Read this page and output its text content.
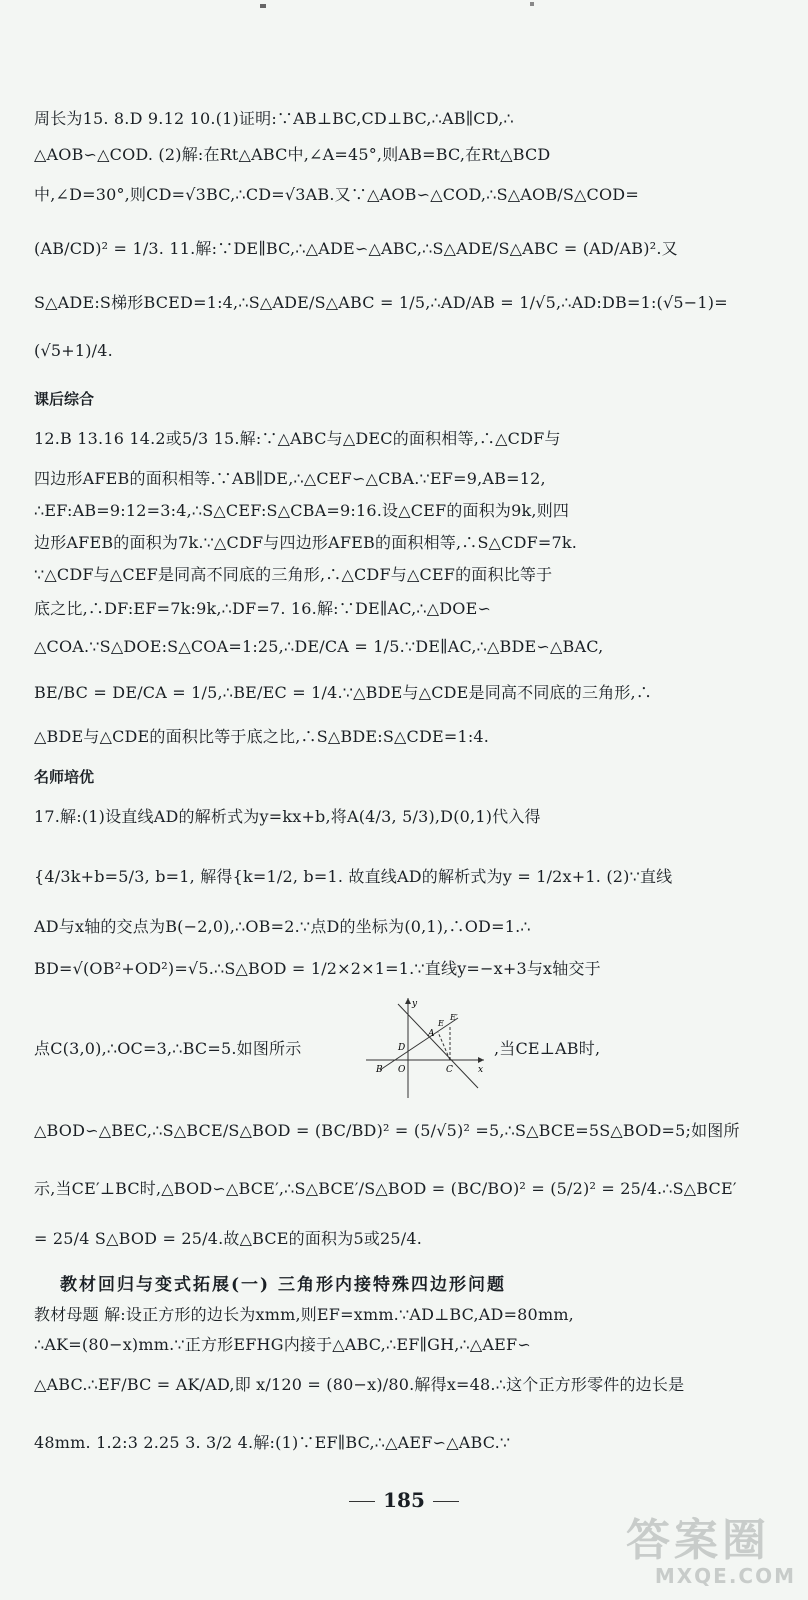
周长为15. 8.D 9.12 10.(1)证明:∵AB⊥BC,CD⊥BC,∴AB∥CD,∴
△AOB∽△COD. (2)解:在Rt△ABC中,∠A=45°,则AB=BC,在Rt△BCD
中,∠D=30°,则CD=√3BC,∴CD=√3AB.又∵△AOB∽△COD,∴S△AOB/S△COD=
(AB/CD)² = 1/3. 11.解:∵DE∥BC,∴△ADE∽△ABC,∴S△ADE/S△ABC = (AD/AB)².又
S△ADE:S梯形BCED=1:4,∴S△ADE/S△ABC = 1/5,∴AD/AB = 1/√5,∴AD:DB=1:(√5−1)=
(√5+1)/4.
课后综合
12.B 13.16 14.2或5/3 15.解:∵△ABC与△DEC的面积相等,∴△CDF与
四边形AFEB的面积相等.∵AB∥DE,∴△CEF∽△CBA.∵EF=9,AB=12,
∴EF:AB=9:12=3:4,∴S△CEF:S△CBA=9:16.设△CEF的面积为9k,则四
边形AFEB的面积为7k.∵△CDF与四边形AFEB的面积相等,∴S△CDF=7k.
∵△CDF与△CEF是同高不同底的三角形,∴△CDF与△CEF的面积比等于
底之比,∴DF:EF=7k:9k,∴DF=7. 16.解:∵DE∥AC,∴△DOE∽
△COA.∵S△DOE:S△COA=1:25,∴DE/CA = 1/5.∵DE∥AC,∴△BDE∽△BAC,
BE/BC = DE/CA = 1/5,∴BE/EC = 1/4.∵△BDE与△CDE是同高不同底的三角形,∴
△BDE与△CDE的面积比等于底之比,∴S△BDE:S△CDE=1:4.
名师培优
17.解:(1)设直线AD的解析式为y=kx+b,将A(4/3, 5/3),D(0,1)代入得
{4/3k+b=5/3, b=1, 解得{k=1/2, b=1. 故直线AD的解析式为y = 1/2x+1. (2)∵直线
AD与x轴的交点为B(−2,0),∴OB=2.∵点D的坐标为(0,1),∴OD=1.∴
BD=√(OB²+OD²)=√5.∴S△BOD = 1/2×2×1=1.∵直线y=−x+3与x轴交于
点C(3,0),∴OC=3,∴BC=5.如图所示	,当CE⊥AB时,
y
x
A
E
E′
D
B O	C
△BOD∽△BEC,∴S△BCE/S△BOD = (BC/BD)² = (5/√5)² =5,∴S△BCE=5S△BOD=5;如图所
示,当CE′⊥BC时,△BOD∽△BCE′,∴S△BCE′/S△BOD = (BC/BO)² = (5/2)² = 25/4.∴S△BCE′
= 25/4 S△BOD = 25/4.故△BCE的面积为5或25/4.
教材回归与变式拓展(一) 三角形内接特殊四边形问题
教材母题 解:设正方形的边长为xmm,则EF=xmm.∵AD⊥BC,AD=80mm,
∴AK=(80−x)mm.∵正方形EFHG内接于△ABC,∴EF∥GH,∴△AEF∽
△ABC.∴EF/BC = AK/AD,即 x/120 = (80−x)/80.解得x=48.∴这个正方形零件的边长是
48mm. 1.2:3 2.25 3. 3/2 4.解:(1)∵EF∥BC,∴△AEF∽△ABC.∵
185
答案圈
MXQE.COM
